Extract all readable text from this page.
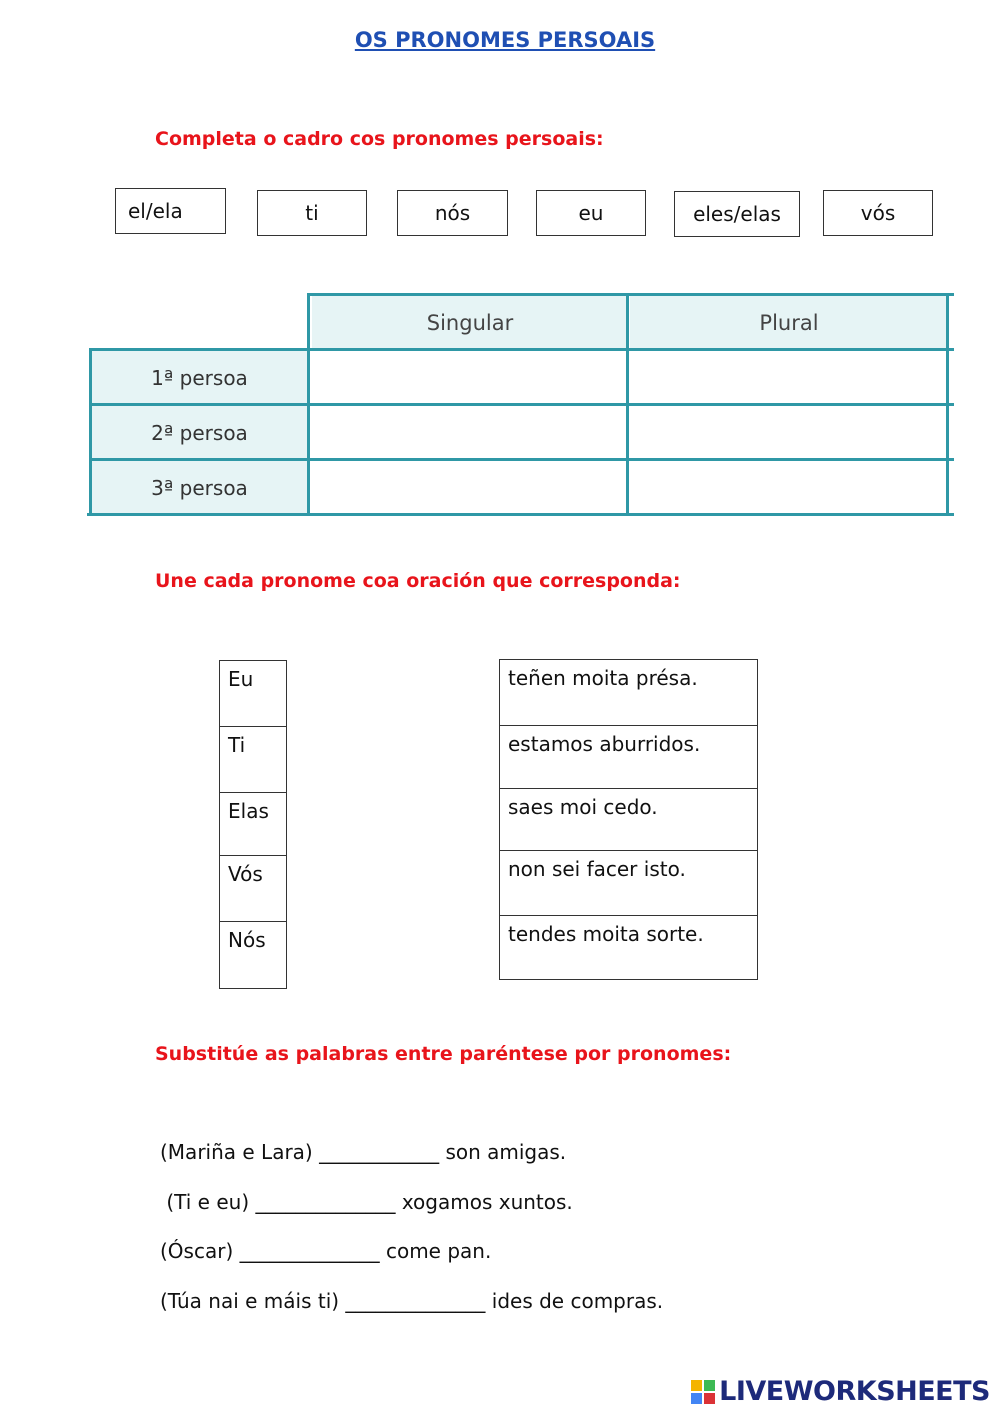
OS PRONOMES PERSOAIS
Completa o cadro cos pronomes persoais:
el/ela	ti	nós	eu	eles/elas	vós
Singular	Plural
1ª persoa
2ª persoa
3ª persoa
Une cada pronome coa oración que corresponda:
Eu
Ti
Elas
Vós
Nós
teñen moita présa.
estamos aburridos.
saes moi cedo.
non sei facer isto.
tendes moita sorte.
Substitúe as palabras entre paréntese por pronomes:
(Mariña e Lara) ____________ son amigas.
(Ti e eu) ______________ xogamos xuntos.
(Óscar) ______________ come pan.
(Túa nai e máis ti) ______________ ides de compras.
LIVEWORKSHEETS
